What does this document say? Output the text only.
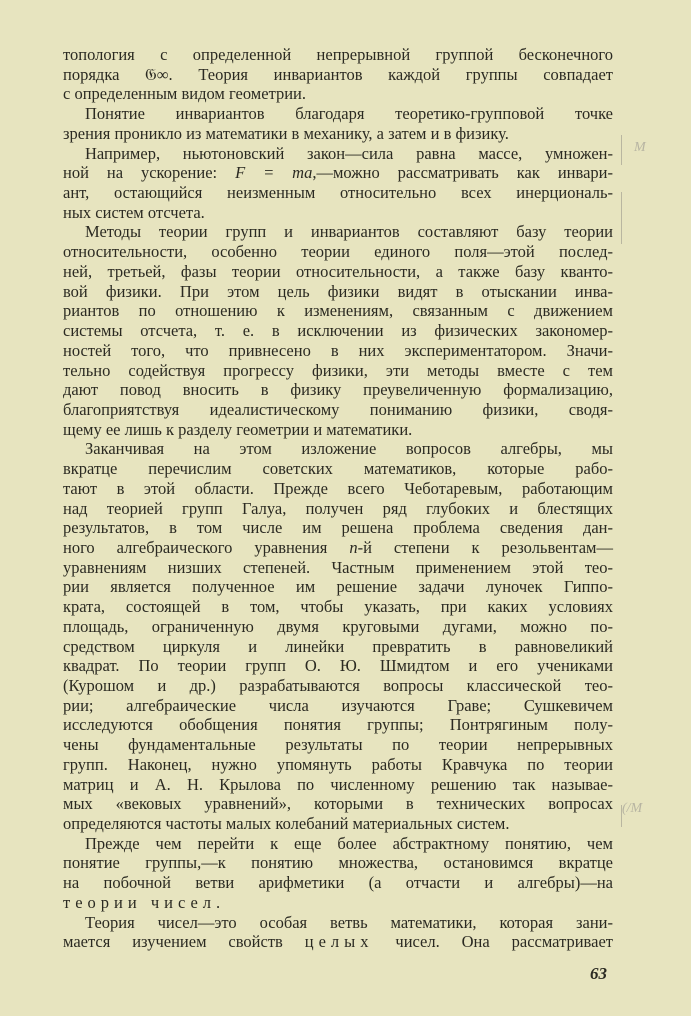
топология с определенной непрерывной группой бесконечного
порядка 𝔊∞. Теория инвариантов каждой группы совпадает
с определенным видом геометрии.
Понятие инвариантов благодаря теоретико-групповой точке
зрения проникло из математики в механику, а затем и в физику.
Например, ньютоновский закон—сила равна массе, умножен-
ной на ускорение: F = ma,—можно рассматривать как инвари-
ант, остающийся неизменным относительно всех инерциональ-
ных систем отсчета.
Методы теории групп и инвариантов составляют базу теории
относительности, особенно теории единого поля—этой послед-
ней, третьей, фазы теории относительности, а также базу кванто-
вой физики. При этом цель физики видят в отыскании инва-
риантов по отношению к изменениям, связанным с движением
системы отсчета, т. е. в исключении из физических закономер-
ностей того, что привнесено в них экспериментатором. Значи-
тельно содействуя прогрессу физики, эти методы вместе с тем
дают повод вносить в физику преувеличенную формализацию,
благоприятствуя идеалистическому пониманию физики, сводя-
щему ее лишь к разделу геометрии и математики.
Заканчивая на этом изложение вопросов алгебры, мы
вкратце перечислим советских математиков, которые рабо-
тают в этой области. Прежде всего Чеботаревым, работающим
над теорией групп Галуа, получен ряд глубоких и блестящих
результатов, в том числе им решена проблема сведения дан-
ного алгебраического уравнения n-й степени к резольвентам—
уравнениям низших степеней. Частным применением этой тео-
рии является полученное им решение задачи луночек Гиппо-
крата, состоящей в том, чтобы указать, при каких условиях
площадь, ограниченную двумя круговыми дугами, можно по-
средством циркуля и линейки превратить в равновеликий
квадрат. По теории групп О. Ю. Шмидтом и его учениками
(Курошом и др.) разрабатываются вопросы классической тео-
рии; алгебраические числа изучаются Граве; Сушкевичем
исследуются обобщения понятия группы; Понтрягиным полу-
чены фундаментальные результаты по теории непрерывных
групп. Наконец, нужно упомянуть работы Кравчука по теории
матриц и А. Н. Крылова по численному решению так называе-
мых «вековых уравнений», которыми в технических вопросах
определяются частоты малых колебаний материальных систем.
Прежде чем перейти к еще более абстрактному понятию, чем
понятие группы,—к понятию множества, остановимся вкратце
на побочной ветви арифметики (а отчасти и алгебры)—на
теории чисел.
Теория чисел—это особая ветвь математики, которая зани-
мается изучением свойств целых чисел. Она рассматривает
M
(/M
63
